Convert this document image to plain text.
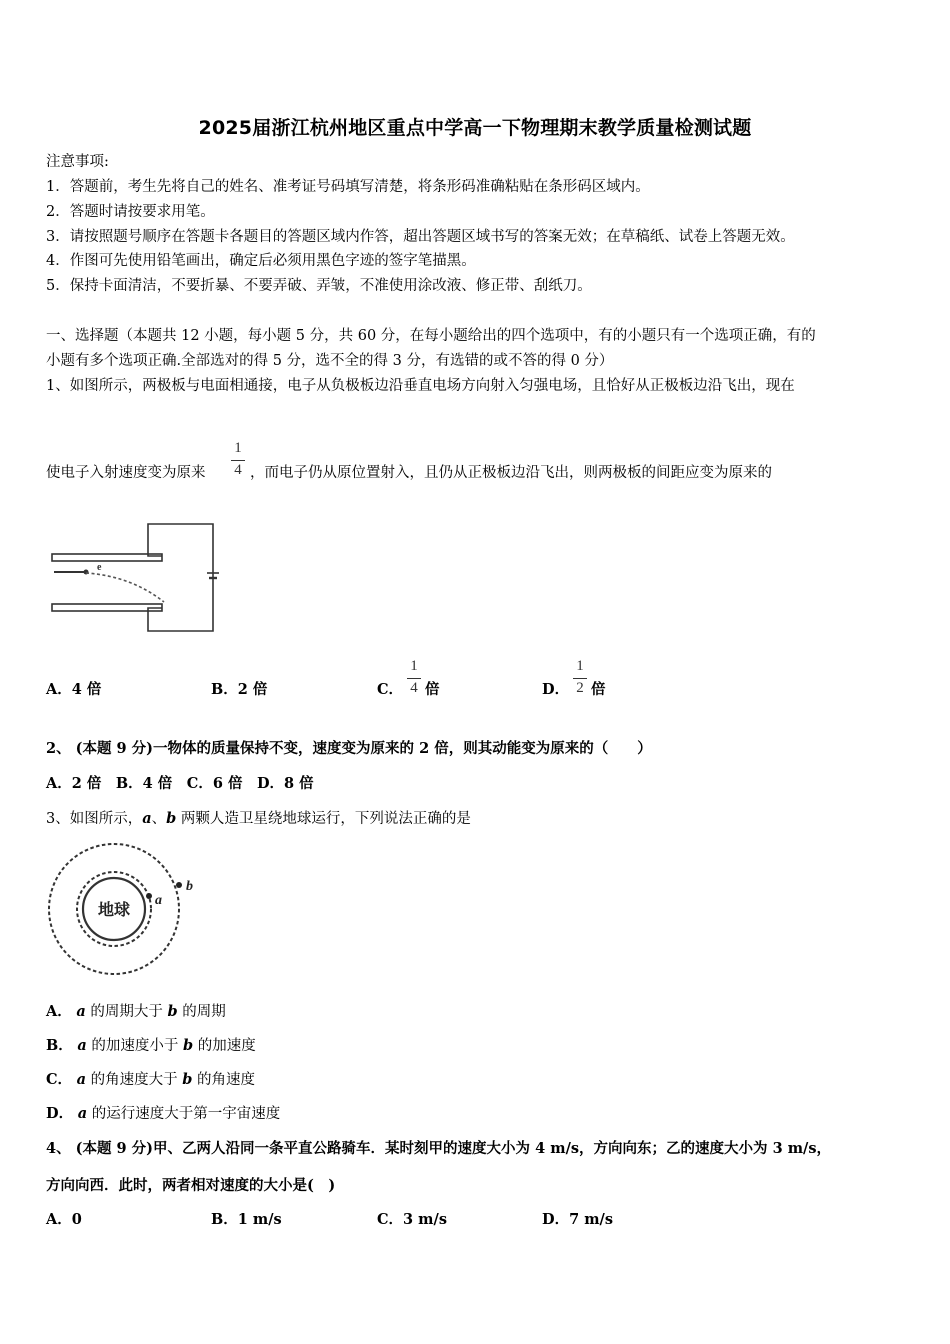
2025届浙江杭州地区重点中学高一下物理期末教学质量检测试题
注意事项:
1．答题前，考生先将自己的姓名、准考证号码填写清楚，将条形码准确粘贴在条形码区域内。
2．答题时请按要求用笔。
3．请按照题号顺序在答题卡各题目的答题区域内作答，超出答题区域书写的答案无效；在草稿纸、试卷上答题无效。
4．作图可先使用铅笔画出，确定后必须用黑色字迹的签字笔描黑。
5．保持卡面清洁，不要折暴、不要弄破、弄皱，不准使用涂改液、修正带、刮纸刀。
一、选择题（本题共 12 小题，每小题 5 分，共 60 分，在每小题给出的四个选项中，有的小题只有一个选项正确，有的
小题有多个选项正确.全部选对的得 5 分，选不全的得 3 分，有选错的或不答的得 0 分）
1、如图所示，两极板与电面相通接，电子从负极板边沿垂直电场方向射入匀强电场，且恰好从正极板边沿飞出，现在
使电子入射速度变为原来
1
4 ，而电子仍从原位置射入，且仍从正极板边沿飞出，则两极板的间距应变为原来的
e
A．4 倍	B．2 倍	C．
1
4 倍	D．
1
2 倍
2、 (本题 9 分)一物体的质量保持不变，速度变为原来的 2 倍，则其动能变为原来的（　　）
A．2 倍　B．4 倍　C．6 倍　D．8 倍
3、如图所示，a、b 两颗人造卫星绕地球运行，下列说法正确的是
地球 a
b
A． a 的周期大于 b 的周期
B． a 的加速度小于 b 的加速度
C． a 的角速度大于 b 的角速度
D． a 的运行速度大于第一宇宙速度
4、 (本题 9 分)甲、乙两人沿同一条平直公路骑车．某时刻甲的速度大小为 4 m/s，方向向东；乙的速度大小为 3 m/s，
方向向西．此时，两者相对速度的大小是(　)
A．0	B．1 m/s	C．3 m/s	D．7 m/s
